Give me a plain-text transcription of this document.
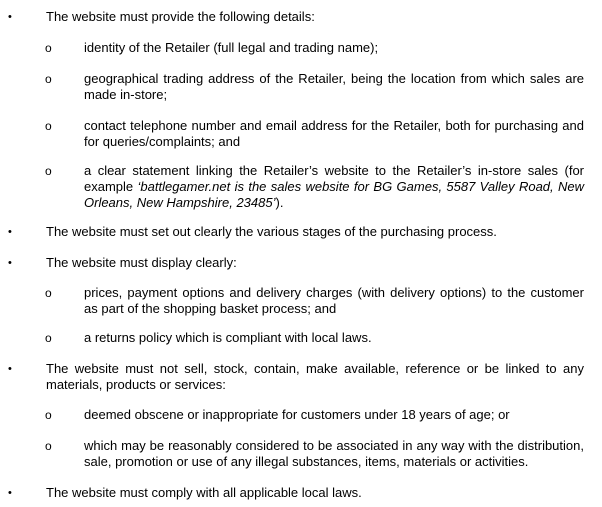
•	The website must provide the following details:
o identity of the Retailer (full legal and trading name);
o geographical trading address of the Retailer, being the location from which sales are made in-store;
o contact telephone number and email address for the Retailer, both for purchasing and for queries/complaints; and
o a clear statement linking the Retailer’s website to the Retailer’s in-store sales (for example ‘battlegamer.net is the sales website for BG Games, 5587 Valley Road, New Orleans, New Hampshire, 23485’).
•	The website must set out clearly the various stages of the purchasing process.
•	The website must display clearly:
o prices, payment options and delivery charges (with delivery options) to the customer as part of the shopping basket process; and
o a returns policy which is compliant with local laws.
•	The website must not sell, stock, contain, make available, reference or be linked to any materials, products or services:
o deemed obscene or inappropriate for customers under 18 years of age; or
o which may be reasonably considered to be associated in any way with the distribution, sale, promotion or use of any illegal substances, items, materials or activities.
•	The website must comply with all applicable local laws.
